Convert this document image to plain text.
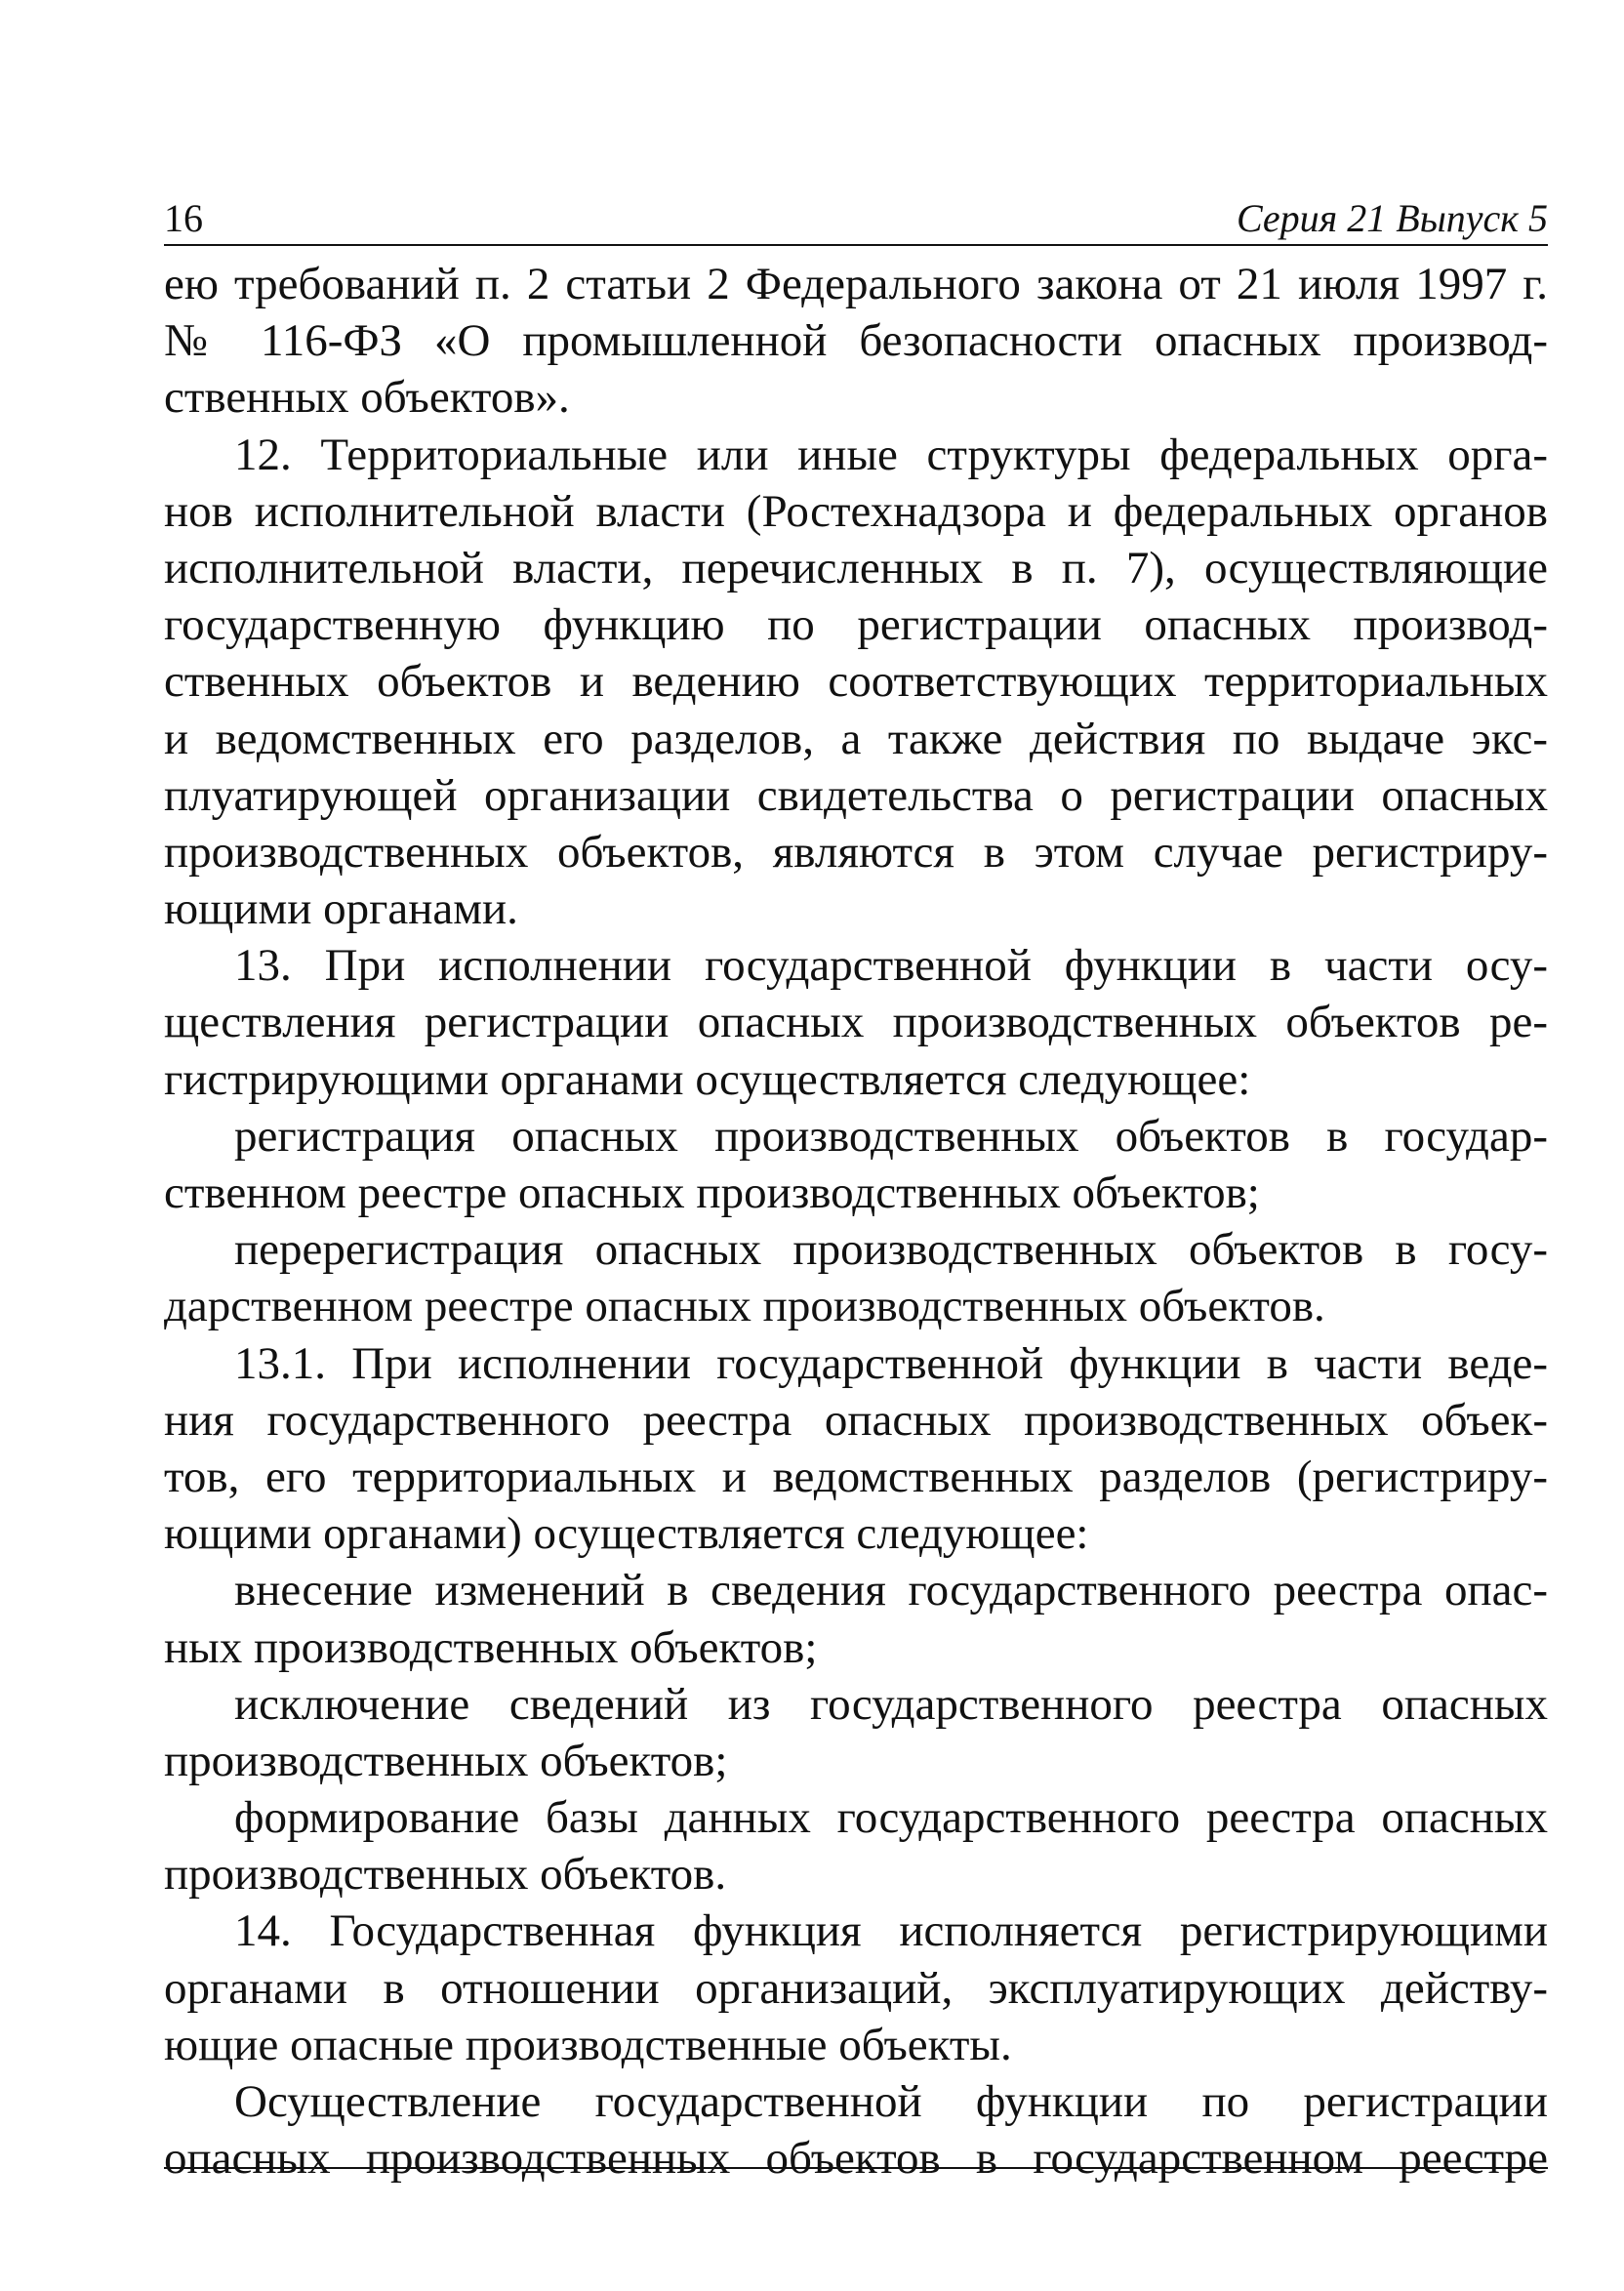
16	Серия 21 Выпуск 5
ею требований п. 2 статьи 2 Федерального закона от 21 июля 1997 г.
№ 116-ФЗ «О промышленной безопасности опасных производ-
ственных объектов».
12. Территориальные или иные структуры федеральных орга-
нов исполнительной власти (Ростехнадзора и федеральных органов
исполнительной власти, перечисленных в п. 7), осуществляющие
государственную функцию по регистрации опасных производ-
ственных объектов и ведению соответствующих территориальных
и ведомственных его разделов, а также действия по выдаче экс-
плуатирующей организации свидетельства о регистрации опасных
производственных объектов, являются в этом случае регистриру-
ющими органами.
13. При исполнении государственной функции в части осу-
ществления регистрации опасных производственных объектов ре-
гистрирующими органами осуществляется следующее:
регистрация опасных производственных объектов в государ-
ственном реестре опасных производственных объектов;
перерегистрация опасных производственных объектов в госу-
дарственном реестре опасных производственных объектов.
13.1. При исполнении государственной функции в части веде-
ния государственного реестра опасных производственных объек-
тов, его территориальных и ведомственных разделов (регистриру-
ющими органами) осуществляется следующее:
внесение изменений в сведения государственного реестра опас-
ных производственных объектов;
исключение сведений из государственного реестра опасных
производственных объектов;
формирование базы данных государственного реестра опасных
производственных объектов.
14. Государственная функция исполняется регистрирующими
органами в отношении организаций, эксплуатирующих действу-
ющие опасные производственные объекты.
Осуществление государственной функции по регистрации
опасных производственных объектов в государственном реестре
